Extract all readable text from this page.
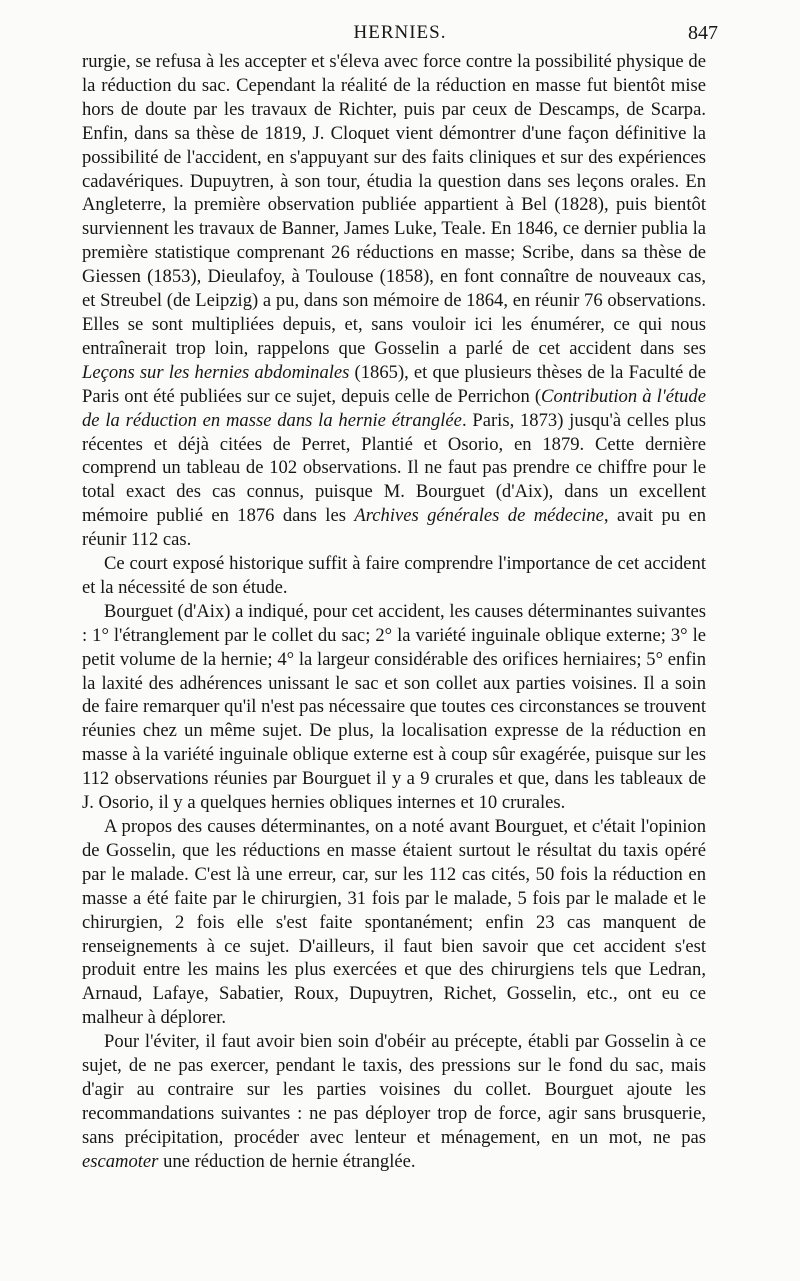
HERNIES.	847

rurgie, se refusa à les accepter et s'éleva avec force contre la possibilité physique de la réduction du sac. Cependant la réalité de la réduction en masse fut bientôt mise hors de doute par les travaux de Richter, puis par ceux de Descamps, de Scarpa. Enfin, dans sa thèse de 1819, J. Cloquet vient démontrer d'une façon définitive la possibilité de l'accident, en s'appuyant sur des faits cliniques et sur des expériences cadavériques. Dupuytren, à son tour, étudia la question dans ses leçons orales. En Angleterre, la première observation publiée appartient à Bel (1828), puis bientôt surviennent les travaux de Banner, James Luke, Teale. En 1846, ce dernier publia la première statistique comprenant 26 réductions en masse; Scribe, dans sa thèse de Giessen (1853), Dieulafoy, à Toulouse (1858), en font connaître de nouveaux cas, et Streubel (de Leipzig) a pu, dans son mémoire de 1864, en réunir 76 observations. Elles se sont multipliées depuis, et, sans vouloir ici les énumérer, ce qui nous entraînerait trop loin, rappelons que Gosselin a parlé de cet accident dans ses Leçons sur les hernies abdominales (1865), et que plusieurs thèses de la Faculté de Paris ont été publiées sur ce sujet, depuis celle de Perrichon (Contribution à l'étude de la réduction en masse dans la hernie étranglée. Paris, 1873) jusqu'à celles plus récentes et déjà citées de Perret, Plantié et Osorio, en 1879. Cette dernière comprend un tableau de 102 observations. Il ne faut pas prendre ce chiffre pour le total exact des cas connus, puisque M. Bourguet (d'Aix), dans un excellent mémoire publié en 1876 dans les Archives générales de médecine, avait pu en réunir 112 cas.

Ce court exposé historique suffit à faire comprendre l'importance de cet accident et la nécessité de son étude.

Bourguet (d'Aix) a indiqué, pour cet accident, les causes déterminantes suivantes : 1° l'étranglement par le collet du sac; 2° la variété inguinale oblique externe; 3° le petit volume de la hernie; 4° la largeur considérable des orifices herniaires; 5° enfin la laxité des adhérences unissant le sac et son collet aux parties voisines. Il a soin de faire remarquer qu'il n'est pas nécessaire que toutes ces circonstances se trouvent réunies chez un même sujet. De plus, la localisation expresse de la réduction en masse à la variété inguinale oblique externe est à coup sûr exagérée, puisque sur les 112 observations réunies par Bourguet il y a 9 crurales et que, dans les tableaux de J. Osorio, il y a quelques hernies obliques internes et 10 crurales.

A propos des causes déterminantes, on a noté avant Bourguet, et c'était l'opinion de Gosselin, que les réductions en masse étaient surtout le résultat du taxis opéré par le malade. C'est là une erreur, car, sur les 112 cas cités, 50 fois la réduction en masse a été faite par le chirurgien, 31 fois par le malade, 5 fois par le malade et le chirurgien, 2 fois elle s'est faite spontanément; enfin 23 cas manquent de renseignements à ce sujet. D'ailleurs, il faut bien savoir que cet accident s'est produit entre les mains les plus exercées et que des chirurgiens tels que Ledran, Arnaud, Lafaye, Sabatier, Roux, Dupuytren, Richet, Gosselin, etc., ont eu ce malheur à déplorer.

Pour l'éviter, il faut avoir bien soin d'obéir au précepte, établi par Gosselin à ce sujet, de ne pas exercer, pendant le taxis, des pressions sur le fond du sac, mais d'agir au contraire sur les parties voisines du collet. Bourguet ajoute les recommandations suivantes : ne pas déployer trop de force, agir sans brusquerie, sans précipitation, procéder avec lenteur et ménagement, en un mot, ne pas escamoter une réduction de hernie étranglée.
